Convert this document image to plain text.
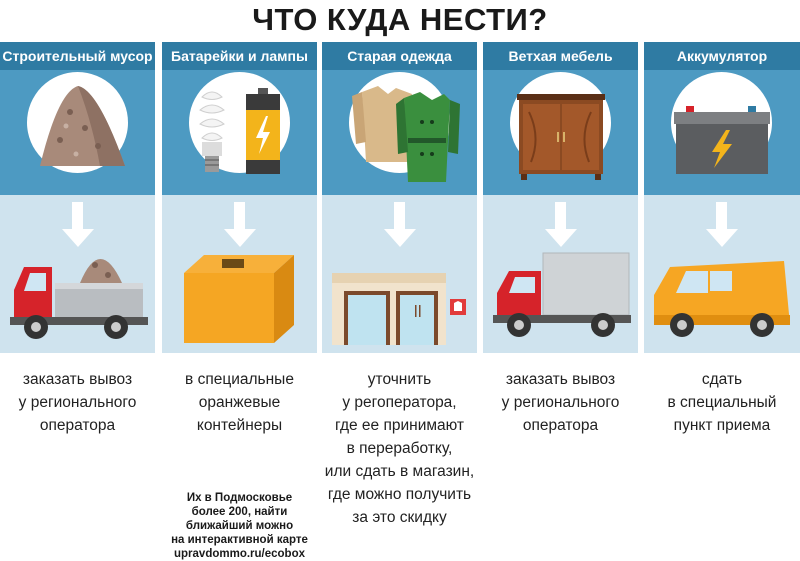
ЧТО КУДА НЕСТИ?
Строительный мусор
заказать вывоз
у регионального
оператора
Батарейки и лампы
в специальные
оранжевые
контейнеры
Их в Подмосковье
более 200, найти
ближайший можно
на интерактивной карте
upravdommo.ru/ecobox
Старая одежда
уточнить
у регоператора,
где ее принимают
в переработку,
или сдать в магазин,
где можно получить
за это скидку
Ветхая мебель
заказать вывоз
у регионального
оператора
Аккумулятор
сдать
в специальный
пункт приема
